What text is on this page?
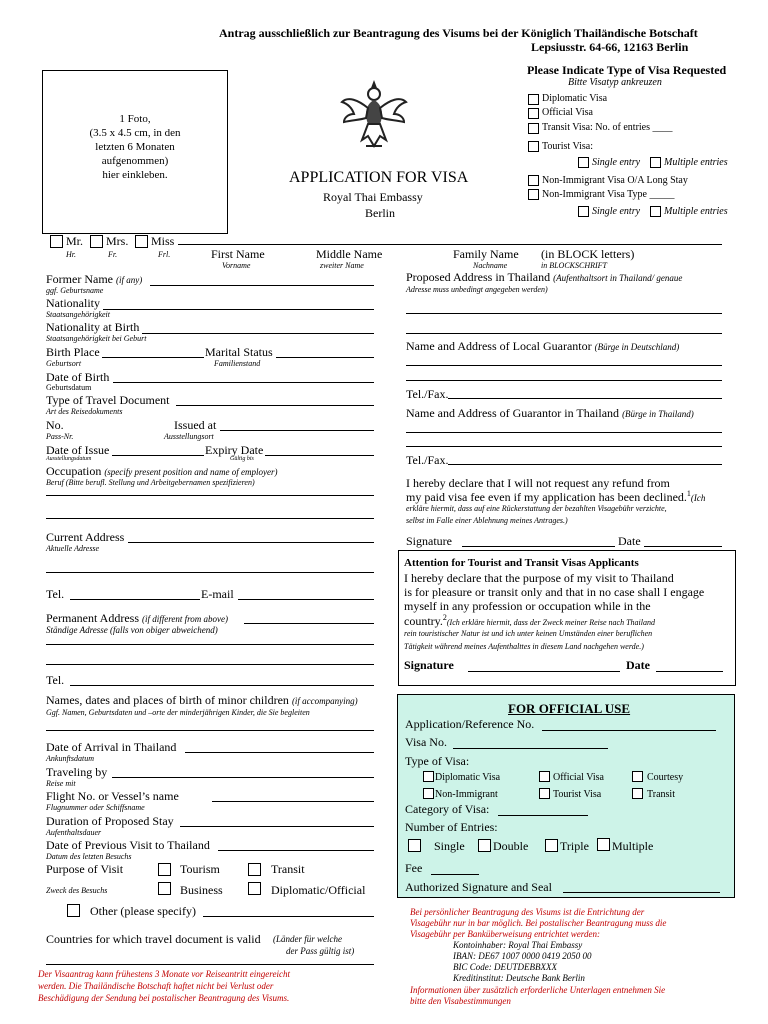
Antrag ausschließlich zur Beantragung des Visums bei der Königlich Thailändische Botschaft
Lepsiusstr. 64-66, 12163 Berlin
1 Foto,
(3.5 x 4.5 cm, in den
letzten 6 Monaten
aufgenommen)
hier einkleben.	APPLICATION FOR VISA
Royal Thai Embassy
Berlin
Please Indicate Type of Visa Requested
Bitte Visatyp ankreuzen
Diplomatic Visa
Official Visa
Transit Visa: No. of entries ____
Tourist Visa:
Single entry Multiple entries
Non-Immigrant Visa O/A Long Stay
Non-Immigrant Visa Type _____
Single entry Multiple entries
Mr. Mrs. Miss
Hr.	Fr.	Frl.	First Name
Vorname
Middle Name
zweiter Name
Family Name (in BLOCK letters)
Nachname	in BLOCKSCHRIFT
Former Name (if any)
ggf. Geburtsname
Nationality
Staatsangehörigkeit
Nationality at Birth
Staatsangehörigkeit bei Geburt
Birth Place	Marital Status
Geburtsort	Familienstand
Date of Birth
Geburtsdatum
Type of Travel Document
Art des Reisedokuments
No.	Issued at
Pass-Nr.	Ausstellungsort
Date of Issue	Expiry Date
Ausstellungsdatum	Gültig bis
Occupation (specify present position and name of employer)
Beruf (Bitte berufl. Stellung und Arbeitgebernamen spezifizieren)
Current Address
Aktuelle Adresse
Tel.	E-mail
Permanent Address (if different from above)
Ständige Adresse (falls von obiger abweichend)
Tel.
Names, dates and places of birth of minor children (if accompanying)
Ggf. Namen, Geburtsdaten und –orte der minderjährigen Kinder, die Sie begleiten
Date of Arrival in Thailand
Ankunftsdatum
Traveling by
Reise mit
Flight No. or Vessel’s name
Flugnummer oder Schiffsname
Duration of Proposed Stay
Aufenthaltsdauer
Date of Previous Visit to Thailand
Datum des letzten Besuchs
Purpose of Visit	Tourism	Transit
Zweck des Besuchs	Business	Diplomatic/Official
Other (please specify)
Countries for which travel document is valid (Länder für welche
der Pass gültig ist)
Der Visaantrag kann frühestens 3 Monate vor Reiseantritt eingereicht
werden. Die Thailändische Botschaft haftet nicht bei Verlust oder
Beschädigung der Sendung bei postalischer Beantragung des Visums.
Proposed Address in Thailand (Aufenthaltsort in Thailand/ genaue
Adresse muss unbedingt angegeben werden)
Name and Address of Local Guarantor (Bürge in Deutschland)
Tel./Fax.
Name and Address of Guarantor in Thailand (Bürge in Thailand)
Tel./Fax.
I hereby declare that I will not request any refund from
my paid visa fee even if my application has been declined.$^1$(Ich
erkläre hiermit, dass auf eine Rückerstattung der bezahlten Visagebühr verzichte,
selbst im Falle einer Ablehnung meines Antrages.)
Signature	Date
Attention for Tourist and Transit Visas Applicants
I hereby declare that the purpose of my visit to Thailand
is for pleasure or transit only and that in no case shall I engage
myself in any profession or occupation while in the
country.$^2$(Ich erkläre hiermit, dass der Zweck meiner Reise nach Thailand
rein touristischer Natur ist und ich unter keinen Umständen einer beruflichen
Tätigkeit während meines Aufenthalttes in diesem Land nachgehen werde.)
Signature	Date
FOR OFFICIAL USE
Application/Reference No.
Visa No.
Type of Visa:
Diplomatic Visa	Official Visa	Courtesy
Non-Immigrant	Tourist Visa	Transit
Category of Visa:
Number of Entries:
Single Double	Triple Multiple
Fee
Authorized Signature and Seal
Bei persönlicher Beantragung des Visums ist die Entrichtung der
Visagebühr nur in bar möglich. Bei postalischer Beantragung muss die
Visagebühr per Banküberweisung entrichtet werden:
Kontoinhaber: Royal Thai Embassy
IBAN: DE67 1007 0000 0419 2050 00
BIC Code: DEUTDEBBXXX
Kreditinstitut: Deutsche Bank Berlin
Informationen über zusätzlich erforderliche Unterlagen entnehmen Sie
bitte den Visabestimmungen
